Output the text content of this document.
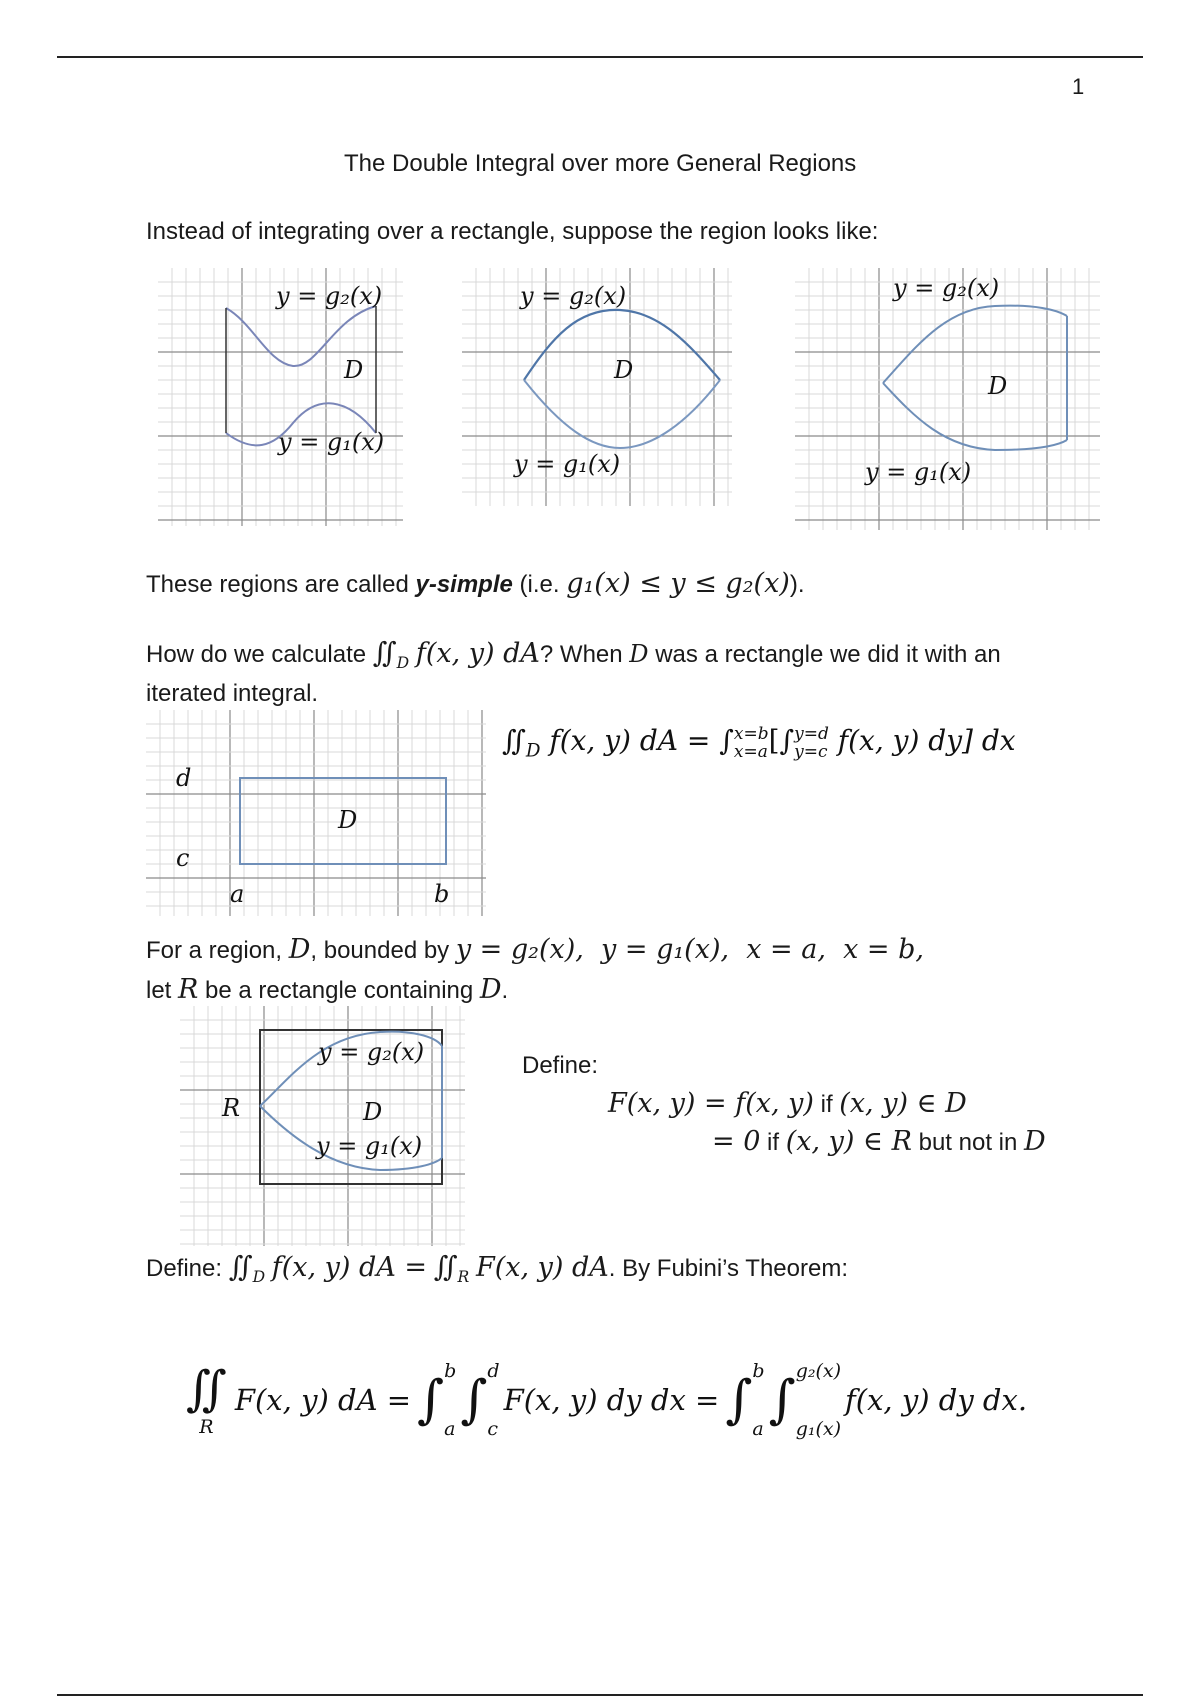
1
The Double Integral over more General Regions
Instead of integrating over a rectangle, suppose the region looks like:
y = g₂(x)
D
y = g₁(x)
y = g₂(x)
D
y = g₁(x)
y = g₂(x)
D
y = g₁(x)
These regions are called y-simple (i.e. g₁(x) ≤ y ≤ g₂(x)).
How do we calculate $∬_D$ f(x, y) dA? When D was a rectangle we did it with an
iterated integral.
d
c
a	b
D
$∬_D$ f(x, y) dA = ∫ x=b
x=a [∫ y=d
y=c f(x, y) dy] dx
For a region, D, bounded by y = g₂(x),  y = g₁(x),  x = a,  x = b,
let R be a rectangle containing D.
y = g₂(x)
R	D
y = g₁(x)
Define:
F(x, y) = f(x, y) if (x, y) ∈ D
= 0 if (x, y) ∈ R but not in D
Define: $∬_D$ f(x, y) dA = $∬_R$ F(x, y) dA. By Fubini’s Theorem:
∬
R
F(x, y) dA = ∫ b
a ∫ d
c
F(x, y) dy dx = ∫ b
a ∫ g₂(x)
g₁(x)
f(x, y) dy dx.
